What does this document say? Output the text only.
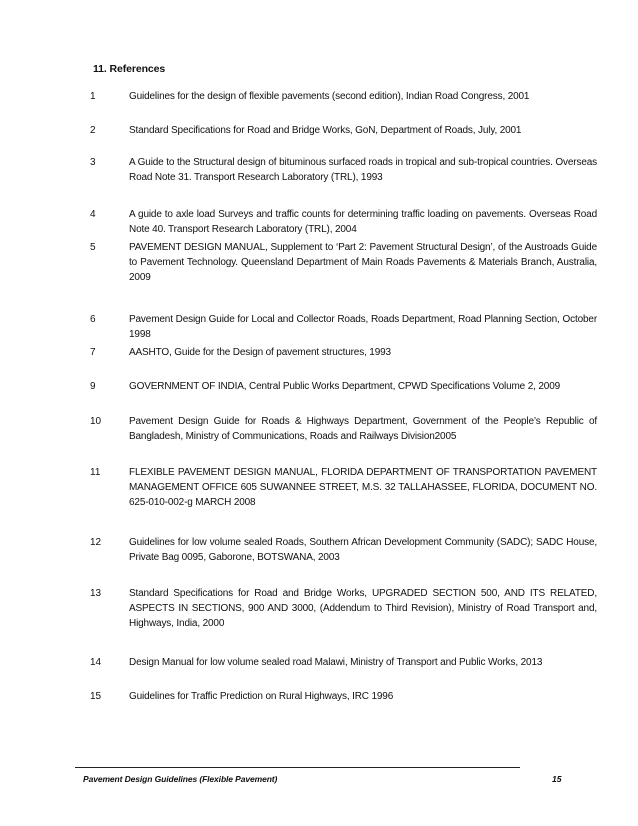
11. References
1	Guidelines for the design of flexible pavements (second edition), Indian Road Congress, 2001
2	Standard Specifications for Road and Bridge Works, GoN, Department of Roads, July, 2001
3	A Guide to the Structural design of bituminous surfaced roads in tropical and sub-tropical countries. Overseas Road Note 31. Transport Research Laboratory (TRL), 1993
4	A guide to axle load Surveys and traffic counts for determining traffic loading on pavements. Overseas Road Note 40. Transport Research Laboratory (TRL), 2004
5	PAVEMENT DESIGN MANUAL, Supplement to ‘Part 2: Pavement Structural Design’, of the Austroads Guide to Pavement Technology. Queensland Department of Main Roads Pavements & Materials Branch, Australia, 2009
6	Pavement Design Guide for Local and Collector Roads, Roads Department, Road Planning Section, October 1998
7	AASHTO, Guide for the Design of pavement structures, 1993
9	GOVERNMENT OF INDIA, Central Public Works Department, CPWD Specifications Volume 2, 2009
10	Pavement Design Guide for Roads & Highways Department, Government of the People’s Republic of Bangladesh, Ministry of Communications, Roads and Railways Division2005
11	FLEXIBLE PAVEMENT DESIGN MANUAL, FLORIDA DEPARTMENT OF TRANSPORTATION PAVEMENT MANAGEMENT OFFICE 605 SUWANNEE STREET, M.S. 32 TALLAHASSEE, FLORIDA, DOCUMENT NO. 625-010-002-g MARCH 2008
12	Guidelines for low volume sealed Roads, Southern African Development Community (SADC); SADC House, Private Bag 0095, Gaborone, BOTSWANA, 2003
13	Standard Specifications for Road and Bridge Works, UPGRADED SECTION 500, AND ITS RELATED, ASPECTS IN SECTIONS, 900 AND 3000, (Addendum to Third Revision), Ministry of Road Transport and, Highways, India, 2000
14	Design Manual for low volume sealed road Malawi, Ministry of Transport and Public Works, 2013
15	Guidelines for Traffic Prediction on Rural Highways, IRC 1996
Pavement Design Guidelines (Flexible Pavement)	15
